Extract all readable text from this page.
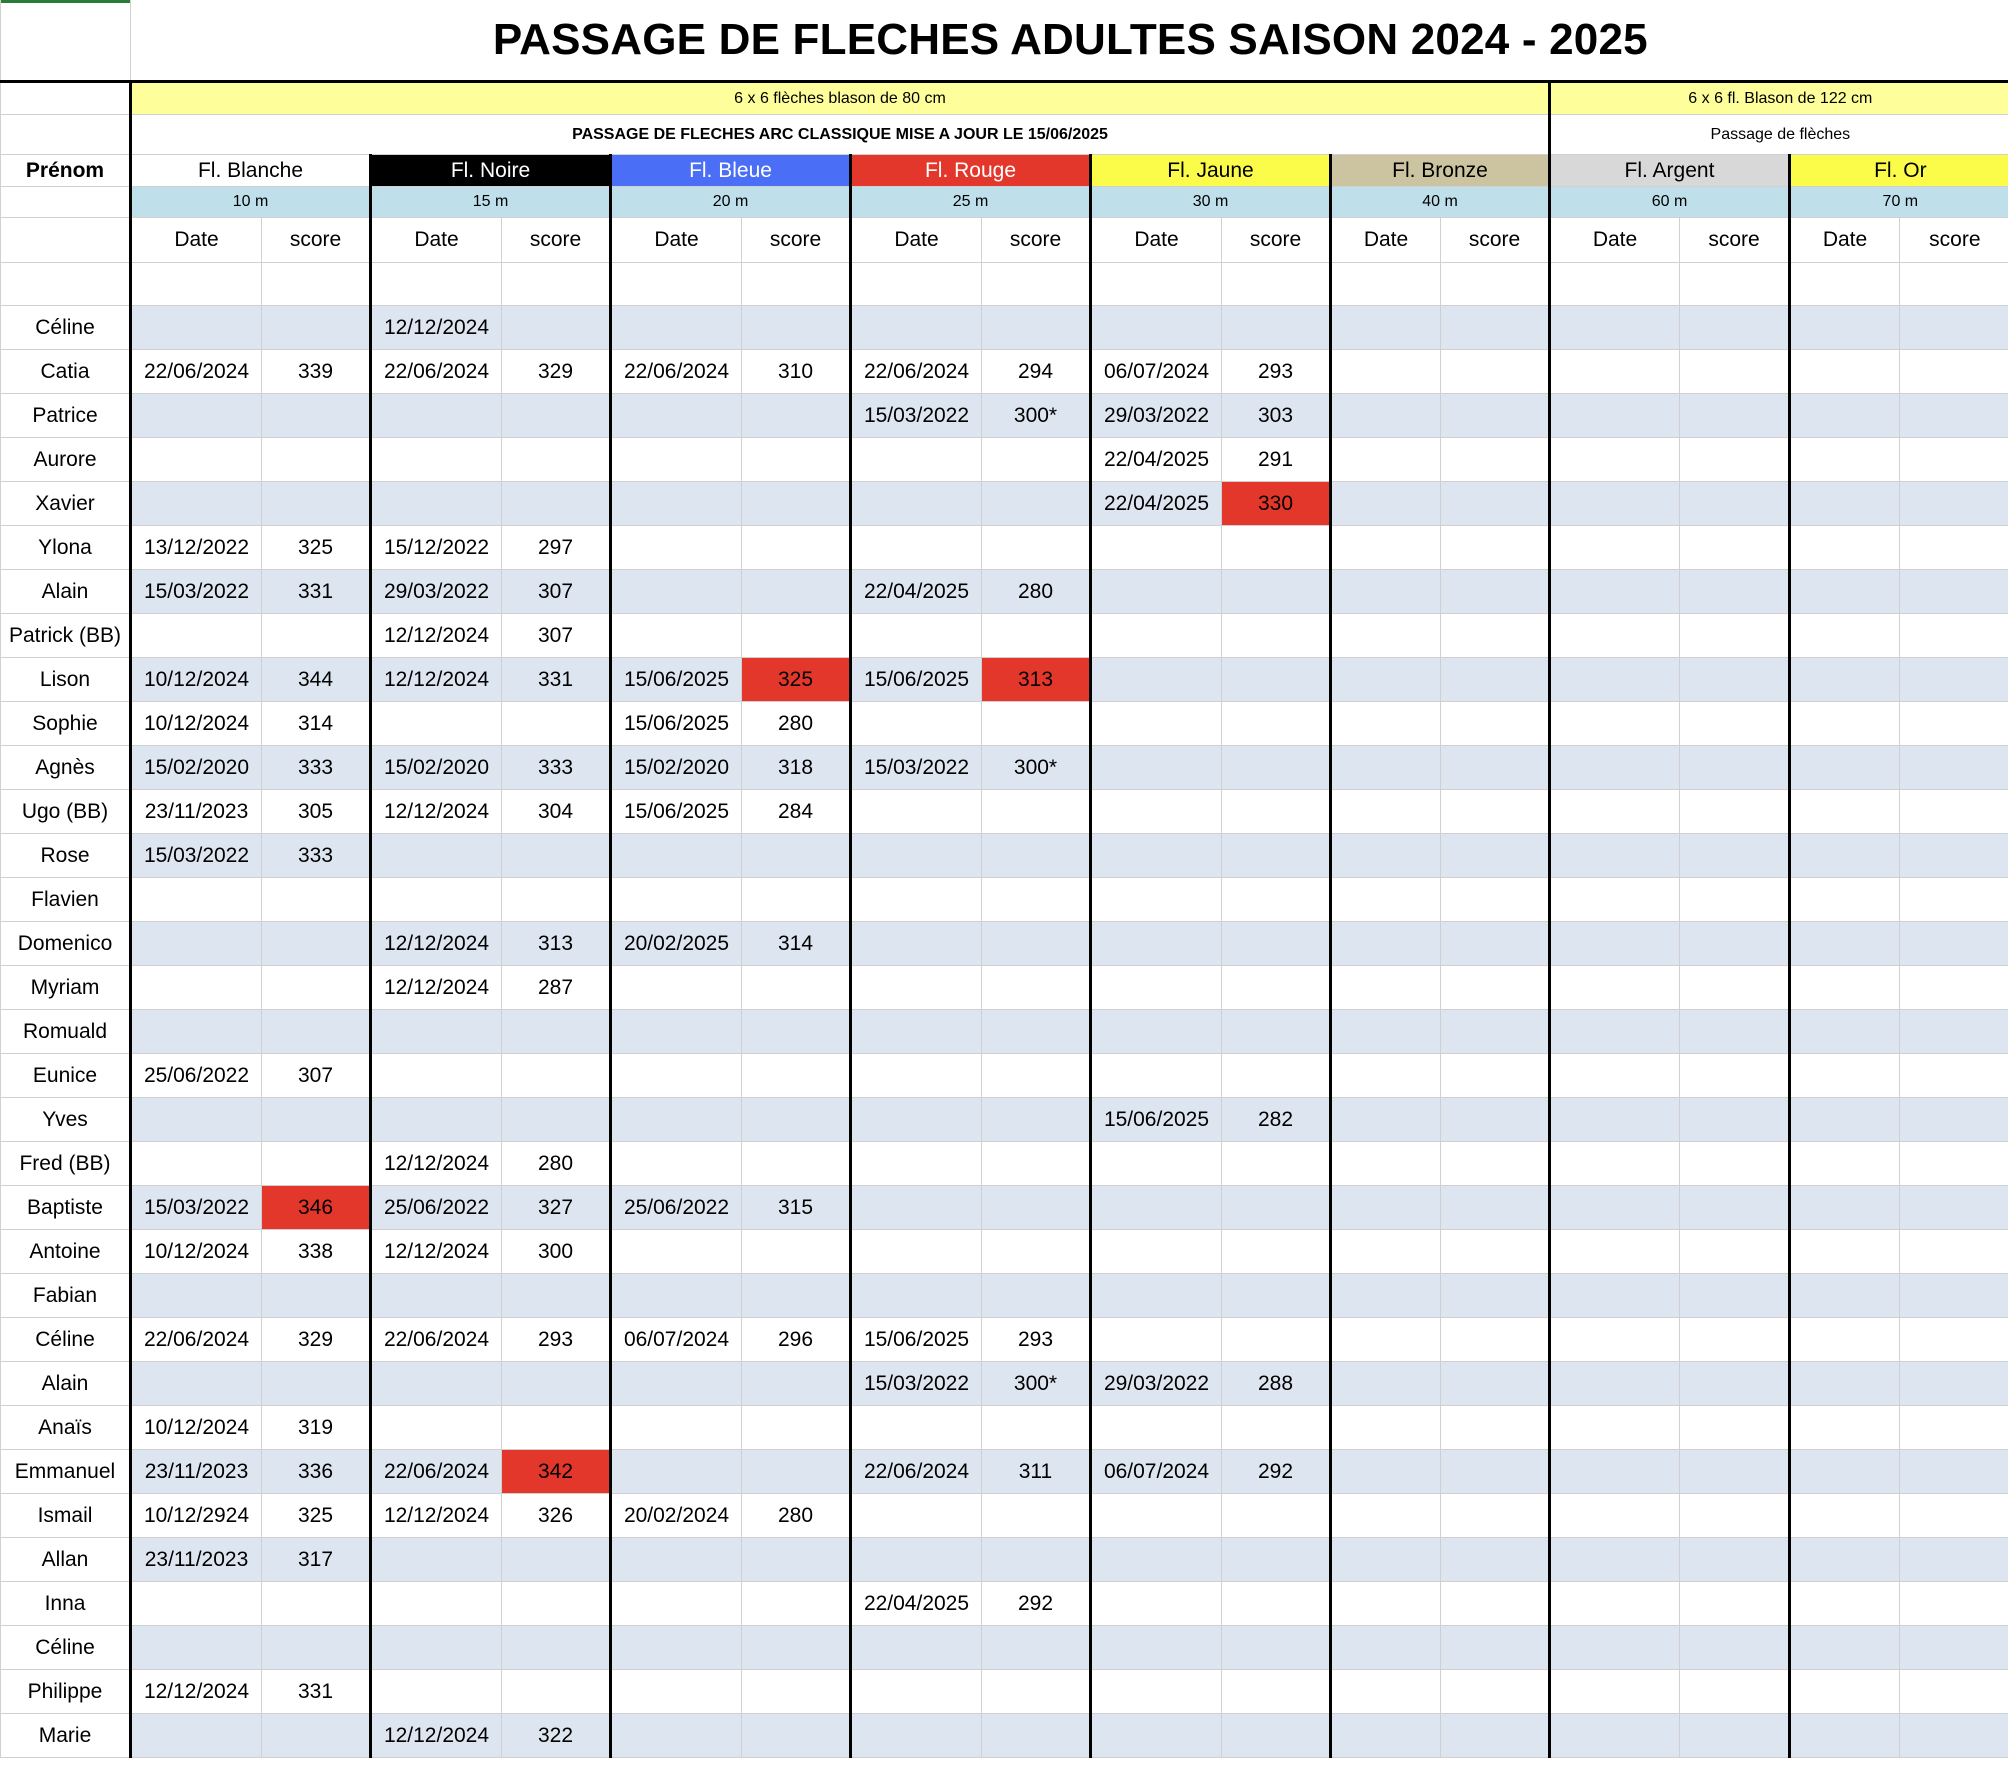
	PASSAGE DE FLECHES ADULTES SAISON 2024 - 2025															
	6 x 6 flèches blason de 80 cm												6 x 6 fl. Blason de 122 cm			
	PASSAGE DE FLECHES ARC CLASSIQUE MISE A JOUR LE 15/06/2025												Passage de flèches			
Prénom	Fl. Blanche		Fl. Noire		Fl. Bleue		Fl. Rouge		Fl. Jaune		Fl. Bronze		Fl. Argent		Fl. Or	
	10 m		15 m		20 m		25 m		30 m		40 m		60 m		70 m	
	Date	score	Date	score	Date	score	Date	score	Date	score	Date	score	Date	score	Date	score

Céline			12/12/2024													
Catia	22/06/2024	339	22/06/2024	329	22/06/2024	310	22/06/2024	294	06/07/2024	293						
Patrice							15/03/2022	300*	29/03/2022	303						
Aurore									22/04/2025	291						
Xavier									22/04/2025	330						
Ylona	13/12/2022	325	15/12/2022	297												
Alain	15/03/2022	331	29/03/2022	307			22/04/2025	280								
Patrick (BB)			12/12/2024	307												
Lison	10/12/2024	344	12/12/2024	331	15/06/2025	325	15/06/2025	313								
Sophie	10/12/2024	314			15/06/2025	280										
Agnès	15/02/2020	333	15/02/2020	333	15/02/2020	318	15/03/2022	300*								
Ugo (BB)	23/11/2023	305	12/12/2024	304	15/06/2025	284										
Rose	15/03/2022	333														
Flavien																
Domenico			12/12/2024	313	20/02/2025	314										
Myriam			12/12/2024	287												
Romuald																
Eunice	25/06/2022	307														
Yves									15/06/2025	282						
Fred (BB)			12/12/2024	280												
Baptiste	15/03/2022	346	25/06/2022	327	25/06/2022	315										
Antoine	10/12/2024	338	12/12/2024	300												
Fabian																
Céline	22/06/2024	329	22/06/2024	293	06/07/2024	296	15/06/2025	293								
Alain							15/03/2022	300*	29/03/2022	288						
Anaïs	10/12/2024	319														
Emmanuel	23/11/2023	336	22/06/2024	342			22/06/2024	311	06/07/2024	292						
Ismail	10/12/2924	325	12/12/2024	326	20/02/2024	280										
Allan	23/11/2023	317														
Inna							22/04/2025	292								
Céline																
Philippe	12/12/2024	331														
Marie			12/12/2024	322												
